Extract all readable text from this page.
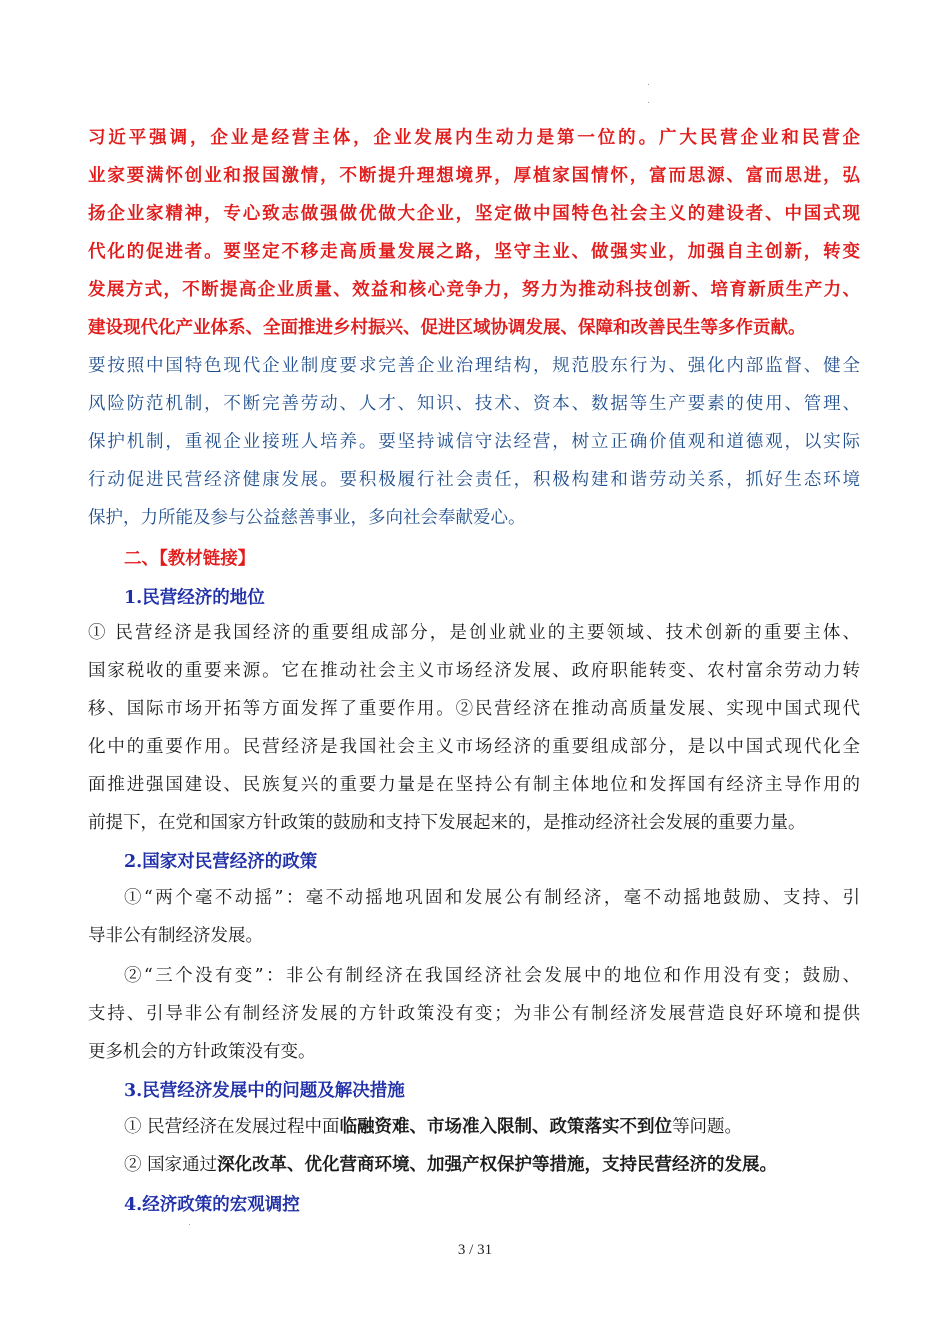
.
.
习近平强调，企业是经营主体，企业发展内生动力是第一位的。广大民营企业和民营企
业家要满怀创业和报国激情，不断提升理想境界，厚植家国情怀，富而思源、富而思进，弘
扬企业家精神，专心致志做强做优做大企业，坚定做中国特色社会主义的建设者、中国式现
代化的促进者。要坚定不移走高质量发展之路，坚守主业、做强实业，加强自主创新，转变
发展方式，不断提高企业质量、效益和核心竞争力，努力为推动科技创新、培育新质生产力、
建设现代化产业体系、全面推进乡村振兴、促进区域协调发展、保障和改善民生等多作贡献。
要按照中国特色现代企业制度要求完善企业治理结构，规范股东行为、强化内部监督、健全
风险防范机制，不断完善劳动、人才、知识、技术、资本、数据等生产要素的使用、管理、
保护机制，重视企业接班人培养。要坚持诚信守法经营，树立正确价值观和道德观，以实际
行动促进民营经济健康发展。要积极履行社会责任，积极构建和谐劳动关系，抓好生态环境
保护，力所能及参与公益慈善事业，多向社会奉献爱心。
二、【教材链接】
1.民营经济的地位
① 民营经济是我国经济的重要组成部分，是创业就业的主要领域、技术创新的重要主体、
国家税收的重要来源。它在推动社会主义市场经济发展、政府职能转变、农村富余劳动力转
移、国际市场开拓等方面发挥了重要作用。②民营经济在推动高质量发展、实现中国式现代
化中的重要作用。民营经济是我国社会主义市场经济的重要组成部分，是以中国式现代化全
面推进强国建设、民族复兴的重要力量是在坚持公有制主体地位和发挥国有经济主导作用的
前提下，在党和国家方针政策的鼓励和支持下发展起来的，是推动经济社会发展的重要力量。
2.国家对民营经济的政策
①“两个毫不动摇”：毫不动摇地巩固和发展公有制经济，毫不动摇地鼓励、支持、引
导非公有制经济发展。
②“三个没有变”：非公有制经济在我国经济社会发展中的地位和作用没有变；鼓励、
支持、引导非公有制经济发展的方针政策没有变；为非公有制经济发展营造良好环境和提供
更多机会的方针政策没有变。
3.民营经济发展中的问题及解决措施
① 民营经济在发展过程中面临融资难、市场准入限制、政策落实不到位等问题。
② 国家通过深化改革、优化营商环境、加强产权保护等措施，支持民营经济的发展。
4.经济政策的宏观调控
.
3 / 31
